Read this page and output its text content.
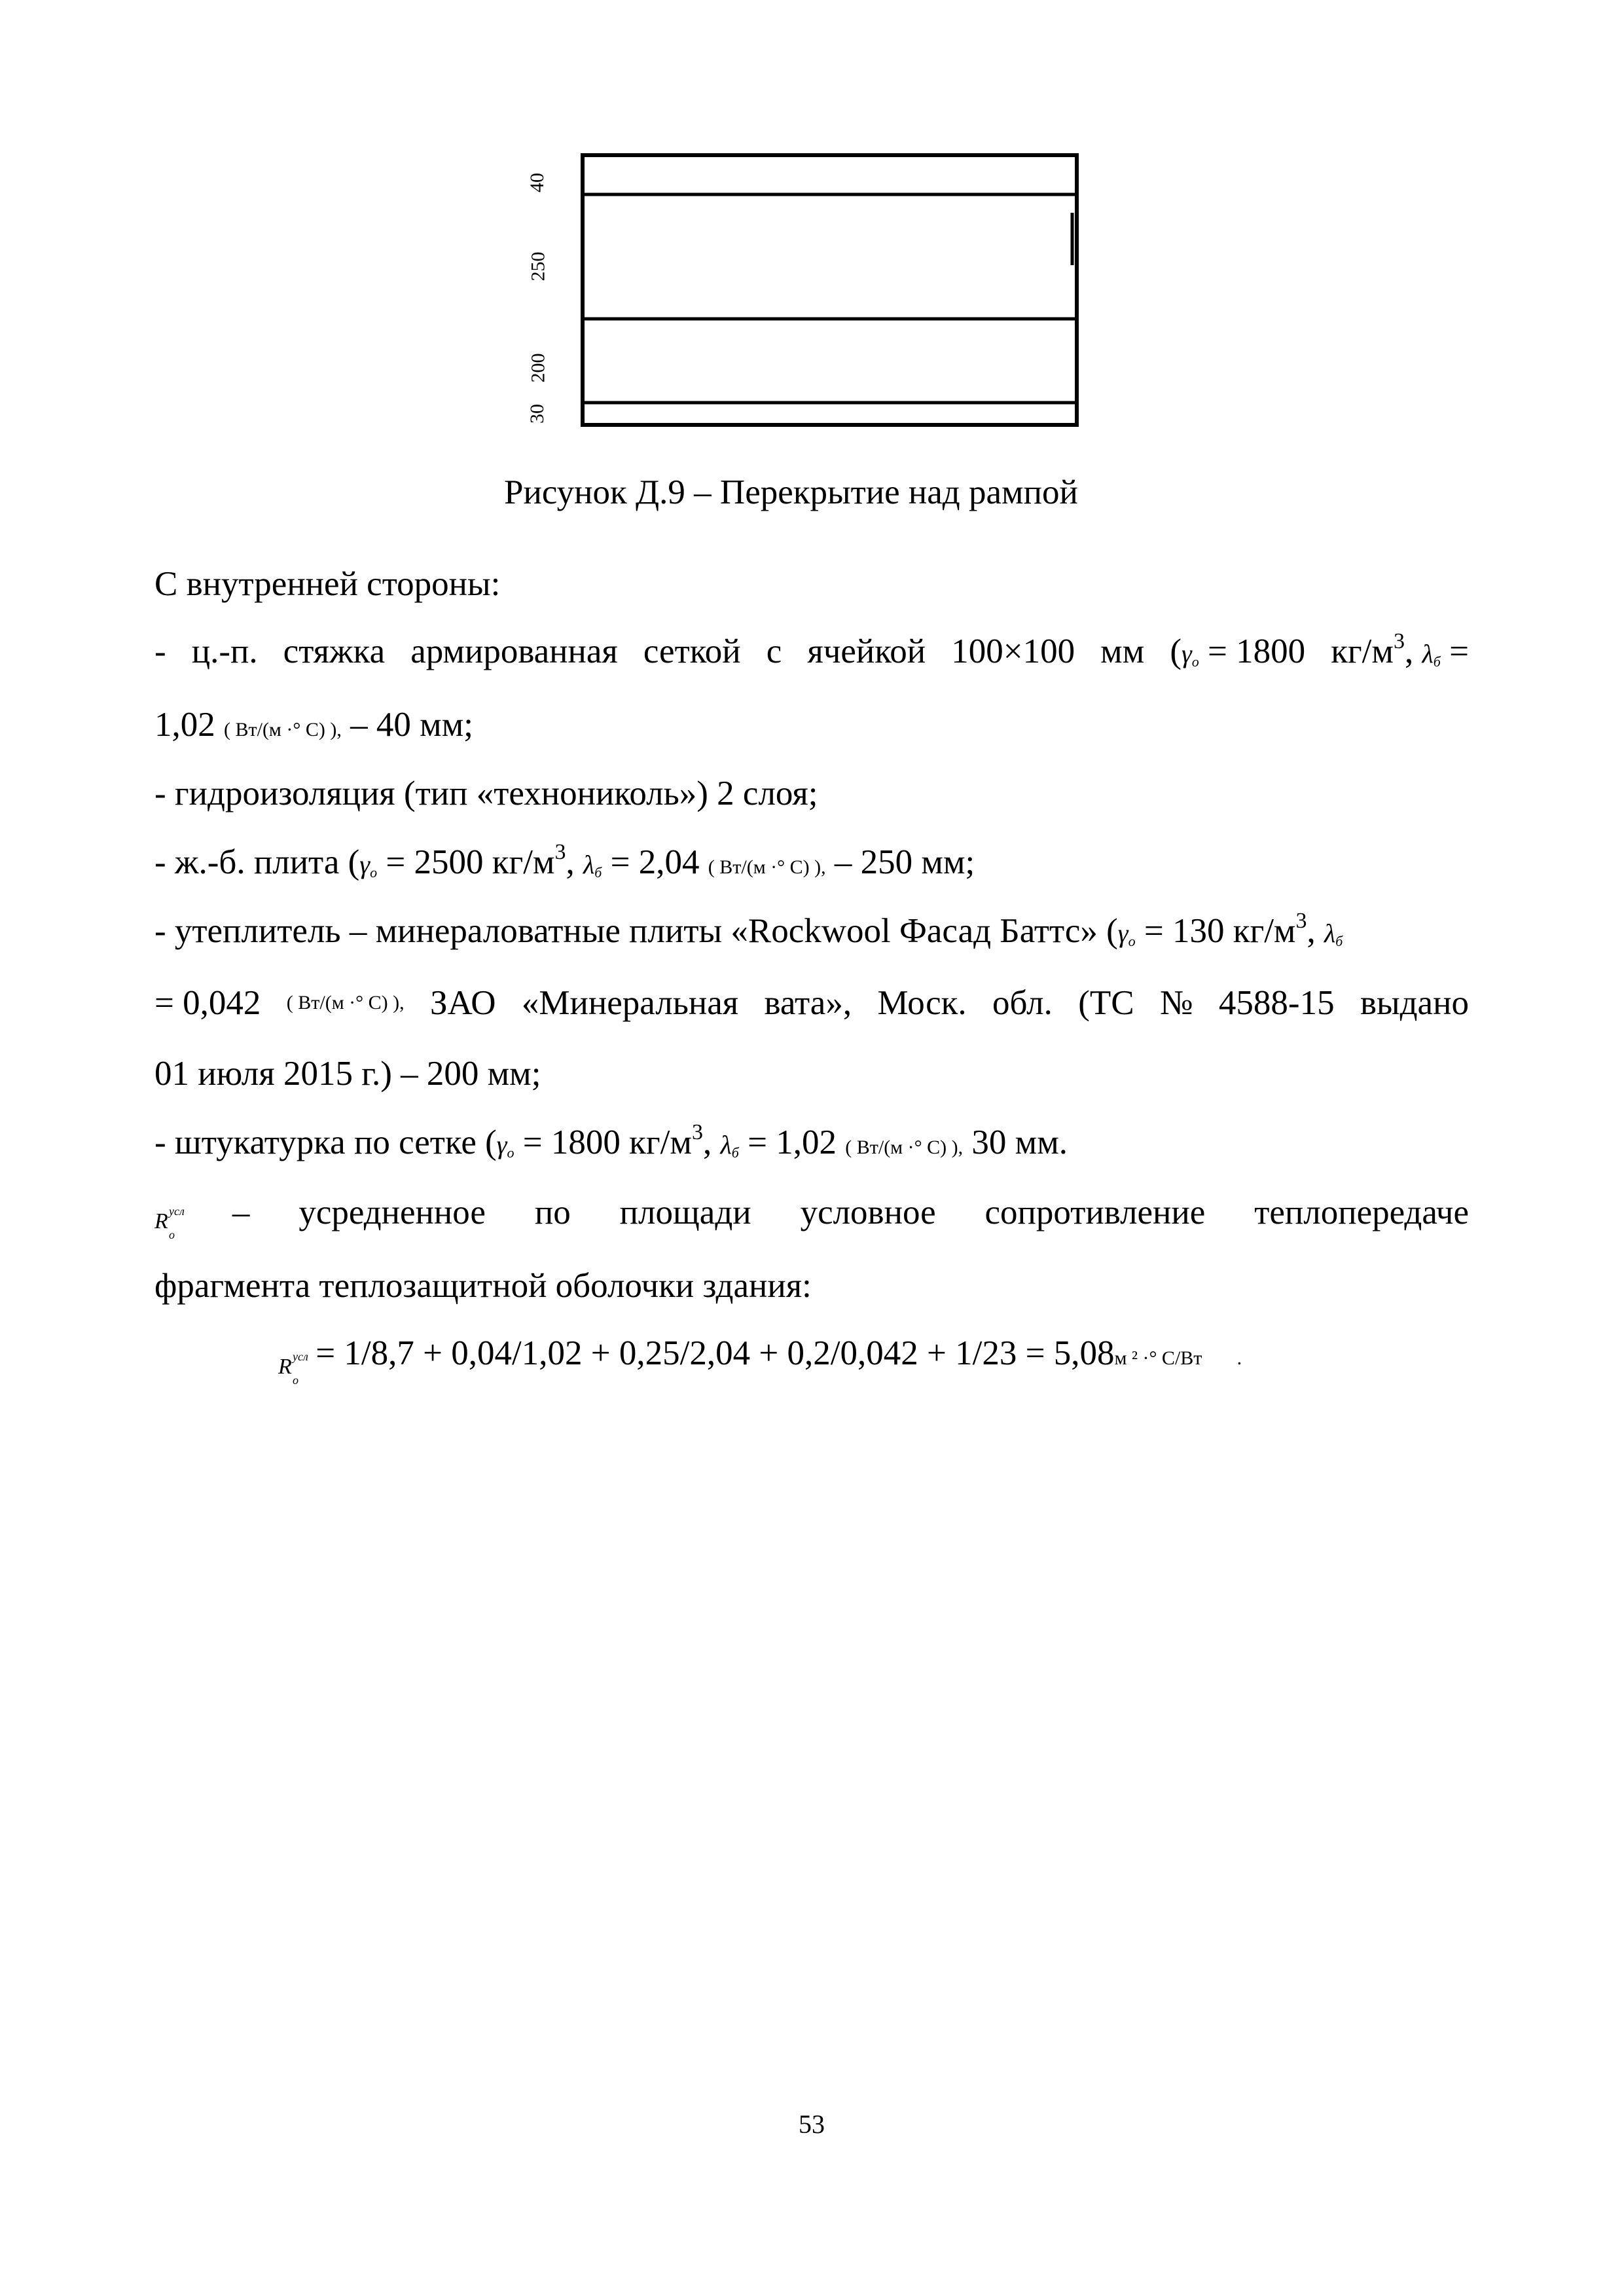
40
250
200
30
Рисунок Д.9 – Перекрытие над рампой
С внутренней стороны:
- ц.-п. стяжка армированная сеткой с ячейкой 100×100 мм ($\gamma_о = 1800$ $кг/м^3$, $\lambda_б$ =
1,02 ( Вт/(м ·° С) ), – 40 мм;
- гидроизоляция (тип «технониколь») 2 слоя;
- ж.-б. плита ($\gamma_о = 2500$ $кг/м^3$, $\lambda_б = 2,04$ ( Вт/(м ·° С) ), – 250 мм;
- утеплитель – минераловатные плиты «Rockwool Фасад Баттс» ($\gamma_о = 130$ $кг/м^3$, $\lambda_б$
= 0,042 ( Вт/(м ·° С) ), ЗАО «Минеральная вата», Моск. обл. (ТС № 4588-15 выдано
01 июля 2015 г.) – 200 мм;
- штукатурка по сетке ($\gamma_о = 1800$ $кг/м^3$, $\lambda_б = 1,02$ ( Вт/(м ·° С) ), 30 мм.
R усл
о
– усредненное по площади условное сопротивление теплопередаче
фрагмента теплозащитной оболочки здания:
R усл
о
= 1/8,7 + 0,04/1,02 + 0,25/2,04 + 0,2/0,042 + 1/23 = 5,08м ² ·° С/Вт .
53
